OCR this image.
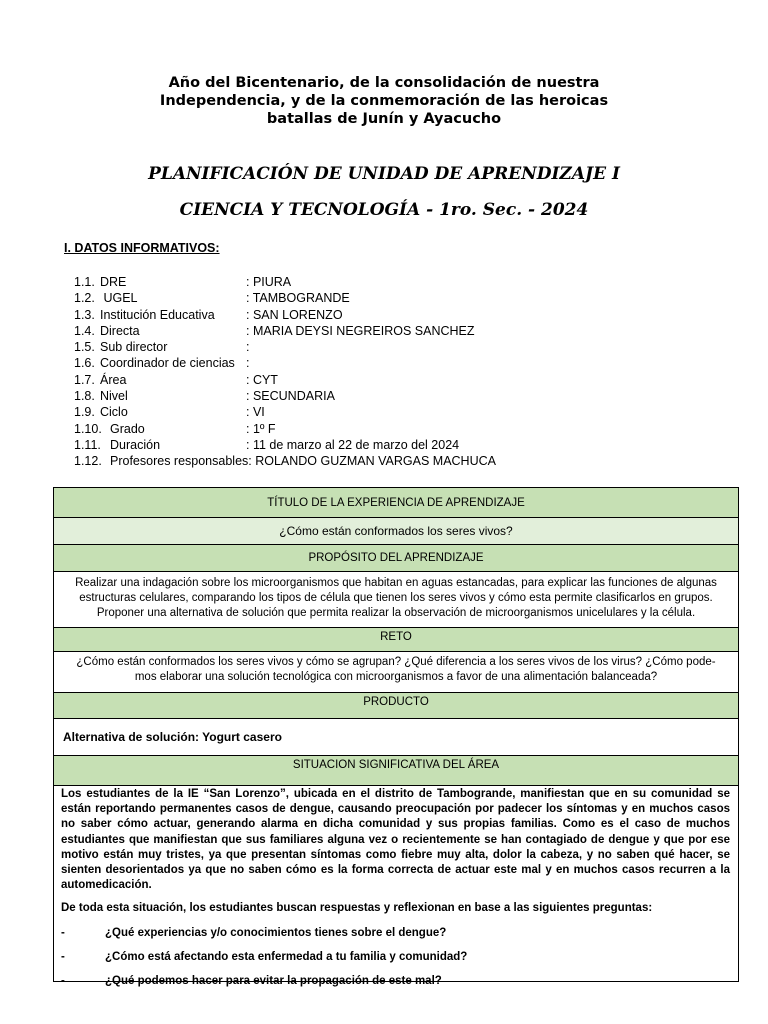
Año del Bicentenario, de la consolidación de nuestra
Independencia, y de la conmemoración de las heroicas
batallas de Junín y Ayacucho
PLANIFICACIÓN DE UNIDAD DE APRENDIZAJE I
CIENCIA Y TECNOLOGÍA - 1ro. Sec. - 2024
I. DATOS INFORMATIVOS:
1.1. DRE	: PIURA
1.2. UGEL	: TAMBOGRANDE
1.3. Institución Educativa	: SAN LORENZO
1.4. Directa	: MARIA DEYSI NEGREIROS SANCHEZ
1.5. Sub director	:
1.6. Coordinador de ciencias :
1.7. Área	: CYT
1.8. Nivel	: SECUNDARIA
1.9. Ciclo	: VI
1.10. Grado	: 1º F
1.11. Duración	: 11 de marzo al 22 de marzo del 2024
1.12. Profesores responsables: ROLANDO GUZMAN VARGAS MACHUCA
TÍTULO DE LA EXPERIENCIA DE APRENDIZAJE
¿Cómo están conformados los seres vivos?
PROPÓSITO DEL APRENDIZAJE
Realizar una indagación sobre los microorganismos que habitan en aguas estancadas, para explicar las funciones de algunas estructuras celulares, comparando los tipos de célula que tienen los seres vivos y cómo esta permite clasificarlos en grupos.
Proponer una alternativa de solución que permita realizar la observación de microorganismos unicelulares y la célula.
RETO
¿Cómo están conformados los seres vivos y cómo se agrupan? ¿Qué diferencia a los seres vivos de los virus? ¿Cómo pode- mos elaborar una solución tecnológica con microorganismos a favor de una alimentación balanceada?
PRODUCTO
Alternativa de solución: Yogurt casero
SITUACION SIGNIFICATIVA DEL ÁREA

Los estudiantes de la IE “San Lorenzo”, ubicada en el distrito de Tambogrande, manifiestan que en su comunidad se están reportando permanentes casos de dengue, causando preocupación por padecer los síntomas y en muchos casos no saber cómo actuar, generando alarma en dicha comunidad y sus propias familias. Como es el caso de muchos estudiantes que manifiestan que sus familiares alguna vez o recientemente se han contagiado de dengue y que por ese motivo están muy tristes, ya que presentan síntomas como fiebre muy alta, dolor la cabeza, y no saben qué hacer, se sienten desorientados ya que no saben cómo es la forma correcta de actuar este mal y en muchos casos recurren a la automedicación.

De toda esta situación, los estudiantes buscan respuestas y reflexionan en base a las siguientes preguntas:

-	¿Qué experiencias y/o conocimientos tienes sobre el dengue?

-	¿Cómo está afectando esta enfermedad a tu familia y comunidad?

-	¿Qué podemos hacer para evitar la propagación de este mal?
